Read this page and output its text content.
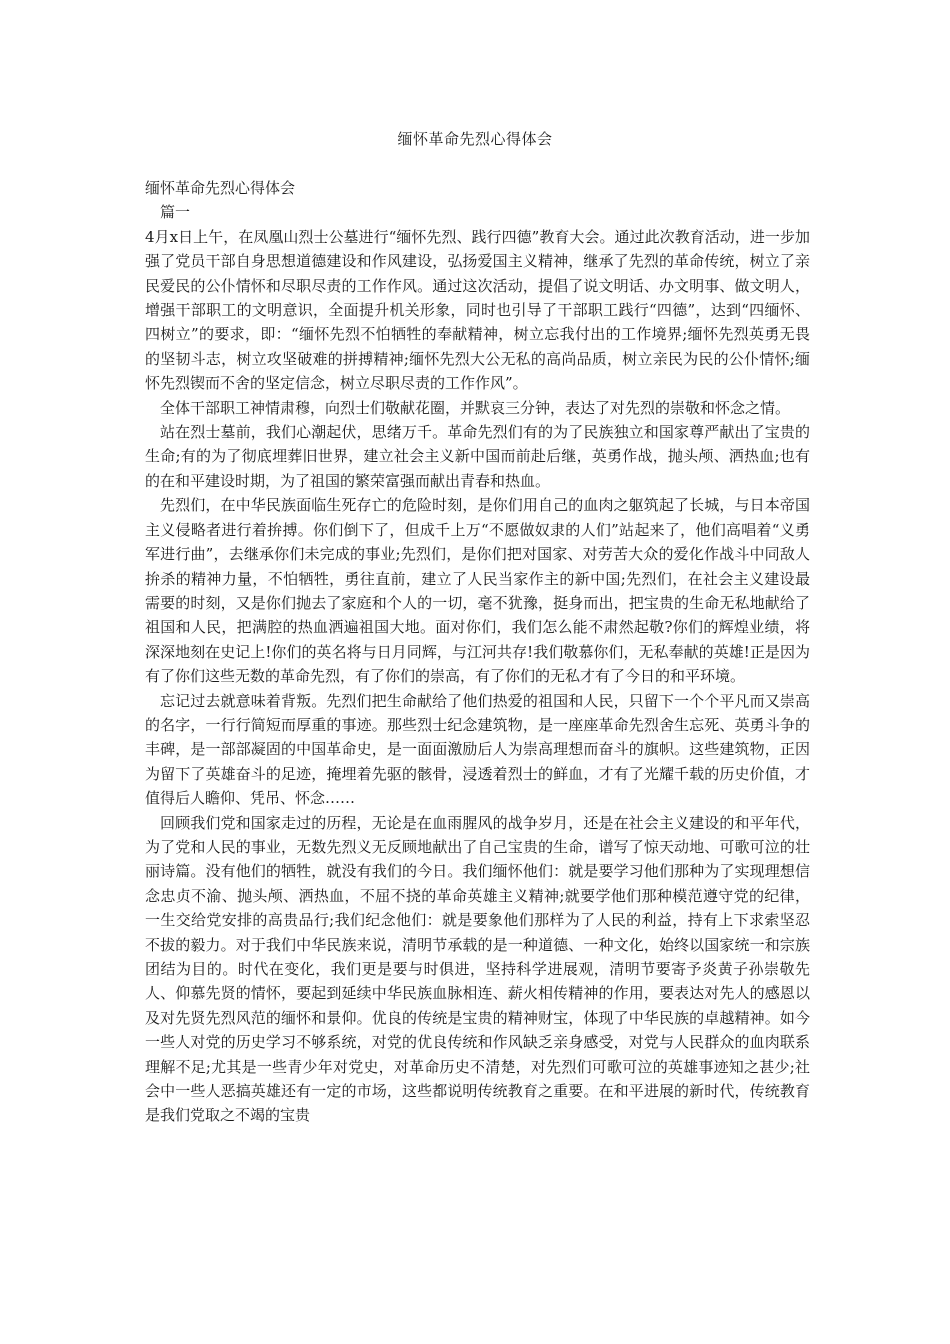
缅怀革命先烈心得体会

缅怀革命先烈心得体会

篇一

4月x日上午，在凤凰山烈士公墓进行“缅怀先烈、践行四德”教育大会。通过此次教育活动，进一步加强了党员干部自身思想道德建设和作风建设，弘扬爱国主义精神，继承了先烈的革命传统，树立了亲民爱民的公仆情怀和尽职尽责的工作作风。通过这次活动，提倡了说文明话、办文明事、做文明人，增强干部职工的文明意识，全面提升机关形象，同时也引导了干部职工践行“四德”，达到“四缅怀、四树立”的要求，即：“缅怀先烈不怕牺牲的奉献精神，树立忘我付出的工作境界;缅怀先烈英勇无畏的坚韧斗志，树立攻坚破难的拼搏精神;缅怀先烈大公无私的高尚品质，树立亲民为民的公仆情怀;缅怀先烈锲而不舍的坚定信念，树立尽职尽责的工作作风”。

全体干部职工神情肃穆，向烈士们敬献花圈，并默哀三分钟，表达了对先烈的崇敬和怀念之情。

站在烈士墓前，我们心潮起伏，思绪万千。革命先烈们有的为了民族独立和国家尊严献出了宝贵的生命;有的为了彻底埋葬旧世界，建立社会主义新中国而前赴后继，英勇作战，抛头颅、洒热血;也有的在和平建设时期，为了祖国的繁荣富强而献出青春和热血。

先烈们，在中华民族面临生死存亡的危险时刻，是你们用自己的血肉之躯筑起了长城，与日本帝国主义侵略者进行着拚搏。你们倒下了，但成千上万“不愿做奴隶的人们”站起来了，他们高唱着“义勇军进行曲”，去继承你们未完成的事业;先烈们，是你们把对国家、对劳苦大众的爱化作战斗中同敌人拚杀的精神力量，不怕牺牲，勇往直前，建立了人民当家作主的新中国;先烈们，在社会主义建设最需要的时刻，又是你们抛去了家庭和个人的一切，毫不犹豫，挺身而出，把宝贵的生命无私地献给了祖国和人民，把满腔的热血洒遍祖国大地。面对你们，我们怎么能不肃然起敬?你们的辉煌业绩，将深深地刻在史记上!你们的英名将与日月同辉，与江河共存!我们敬慕你们，无私奉献的英雄!正是因为有了你们这些无数的革命先烈，有了你们的崇高，有了你们的无私才有了今日的和平环境。

忘记过去就意味着背叛。先烈们把生命献给了他们热爱的祖国和人民，只留下一个个平凡而又崇高的名字，一行行简短而厚重的事迹。那些烈士纪念建筑物，是一座座革命先烈舍生忘死、英勇斗争的丰碑，是一部部凝固的中国革命史，是一面面激励后人为崇高理想而奋斗的旗帜。这些建筑物，正因为留下了英雄奋斗的足迹，掩埋着先驱的骸骨，浸透着烈士的鲜血，才有了光耀千载的历史价值，才值得后人瞻仰、凭吊、怀念……

回顾我们党和国家走过的历程，无论是在血雨腥风的战争岁月，还是在社会主义建设的和平年代，为了党和人民的事业，无数先烈义无反顾地献出了自己宝贵的生命，谱写了惊天动地、可歌可泣的壮丽诗篇。没有他们的牺牲，就没有我们的今日。我们缅怀他们：就是要学习他们那种为了实现理想信念忠贞不渝、抛头颅、洒热血，不屈不挠的革命英雄主义精神;就要学他们那种模范遵守党的纪律，一生交给党安排的高贵品行;我们纪念他们：就是要象他们那样为了人民的利益，持有上下求索坚忍不拔的毅力。对于我们中华民族来说，清明节承载的是一种道德、一种文化，始终以国家统一和宗族团结为目的。时代在变化，我们更是要与时俱进，坚持科学进展观，清明节要寄予炎黄子孙崇敬先人、仰慕先贤的情怀，要起到延续中华民族血脉相连、薪火相传精神的作用，要表达对先人的感恩以及对先贤先烈风范的缅怀和景仰。优良的传统是宝贵的精神财宝，体现了中华民族的卓越精神。如今一些人对党的历史学习不够系统，对党的优良传统和作风缺乏亲身感受，对党与人民群众的血肉联系理解不足;尤其是一些青少年对党史，对革命历史不清楚，对先烈们可歌可泣的英雄事迹知之甚少;社会中一些人恶搞英雄还有一定的市场，这些都说明传统教育之重要。在和平进展的新时代，传统教育是我们党取之不竭的宝贵
